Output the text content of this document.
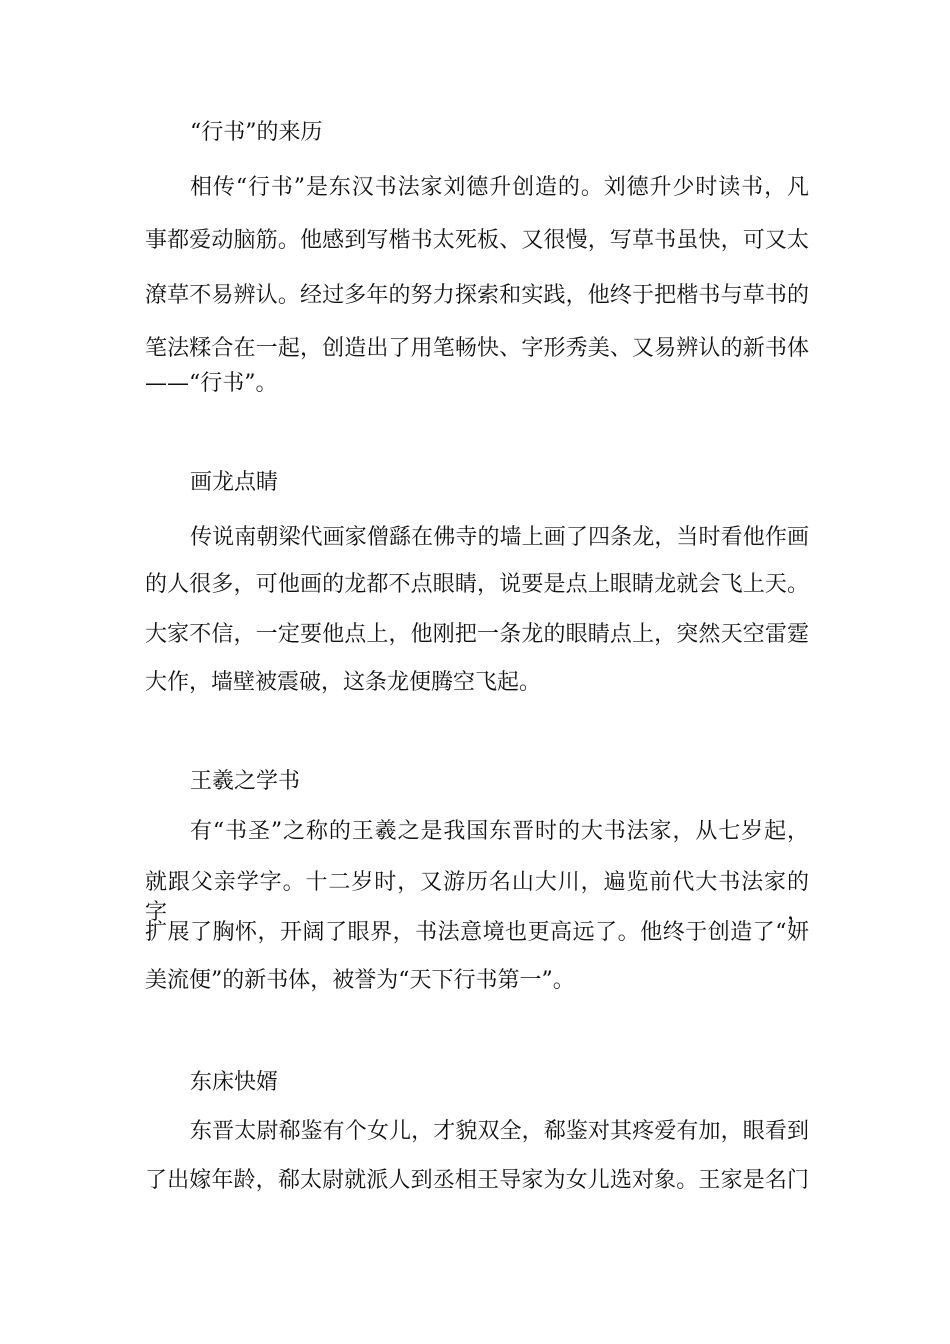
“行书”的来历
相传“行书”是东汉书法家刘德升创造的。刘德升少时读书，凡
事都爱动脑筋。他感到写楷书太死板、又很慢，写草书虽快，可又太
潦草不易辨认。经过多年的努力探索和实践，他终于把楷书与草书的
笔法糅合在一起，创造出了用笔畅快、字形秀美、又易辨认的新书体
——“行书”。
画龙点睛
传说南朝梁代画家僧繇在佛寺的墙上画了四条龙，当时看他作画
的人很多，可他画的龙都不点眼睛，说要是点上眼睛龙就会飞上天。
大家不信，一定要他点上，他刚把一条龙的眼睛点上，突然天空雷霆
大作，墙壁被震破，这条龙便腾空飞起。
王羲之学书
有“书圣”之称的王羲之是我国东晋时的大书法家，从七岁起，
就跟父亲学字。十二岁时，又游历名山大川，遍览前代大书法家的字，
扩展了胸怀，开阔了眼界，书法意境也更高远了。他终于创造了“妍
美流便”的新书体，被誉为“天下行书第一”。
东床快婿
东晋太尉郗鉴有个女儿，才貌双全，郗鉴对其疼爱有加，眼看到
了出嫁年龄，郗太尉就派人到丞相王导家为女儿选对象。王家是名门
